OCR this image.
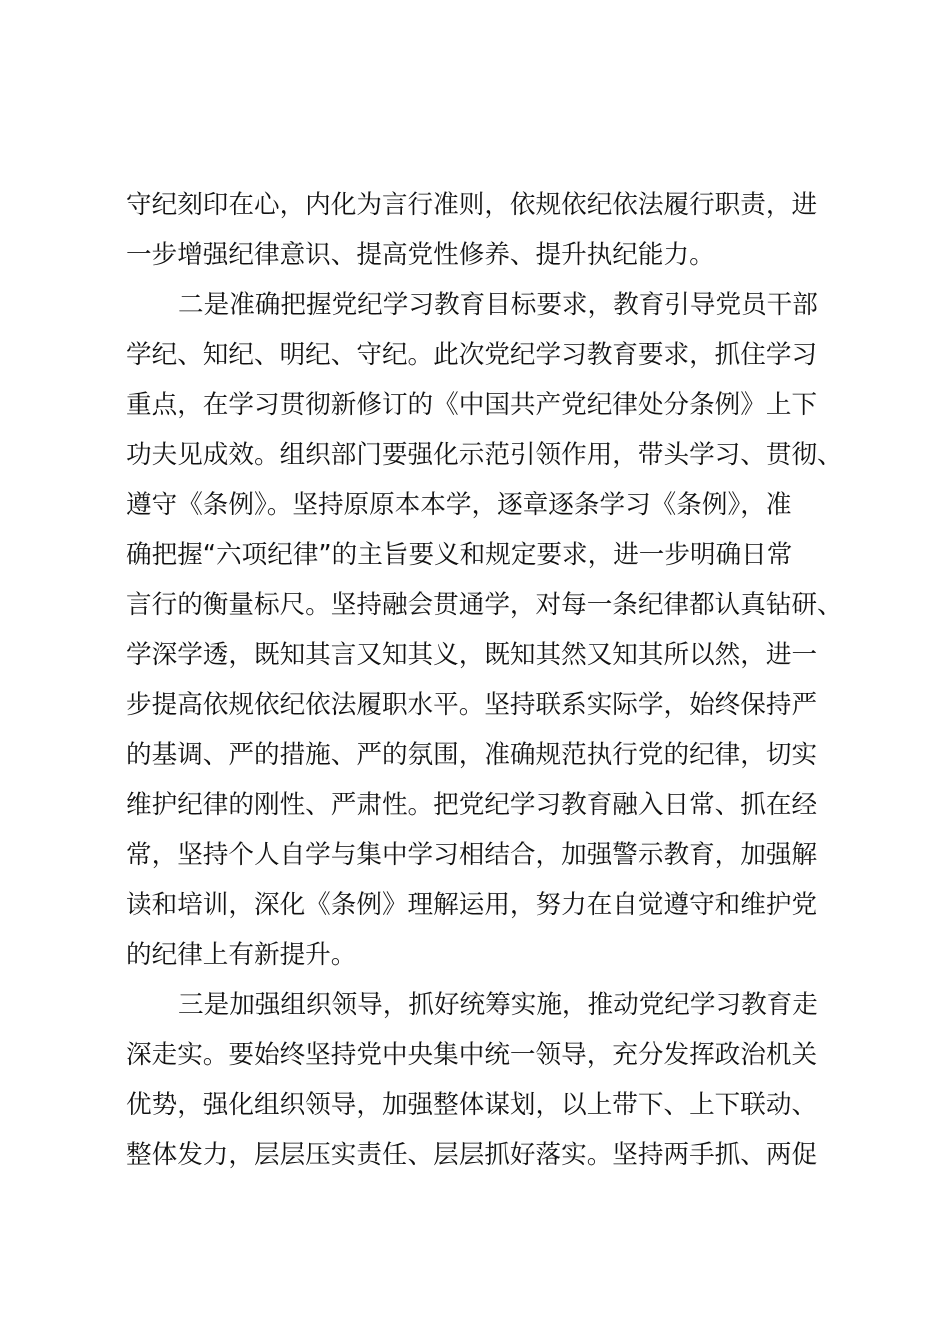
守纪刻印在心，内化为言行准则，依规依纪依法履行职责，进
一步增强纪律意识、提高党性修养、提升执纪能力。
二是准确把握党纪学习教育目标要求，教育引导党员干部
学纪、知纪、明纪、守纪。此次党纪学习教育要求，抓住学习
重点，在学习贯彻新修订的《中国共产党纪律处分条例》上下
功夫见成效。组织部门要强化示范引领作用，带头学习、贯彻、
遵守《条例》。坚持原原本本学，逐章逐条学习《条例》，准
确把握“六项纪律”的主旨要义和规定要求，进一步明确日常
言行的衡量标尺。坚持融会贯通学，对每一条纪律都认真钻研、
学深学透，既知其言又知其义，既知其然又知其所以然，进一
步提高依规依纪依法履职水平。坚持联系实际学，始终保持严
的基调、严的措施、严的氛围，准确规范执行党的纪律，切实
维护纪律的刚性、严肃性。把党纪学习教育融入日常、抓在经
常，坚持个人自学与集中学习相结合，加强警示教育，加强解
读和培训，深化《条例》理解运用，努力在自觉遵守和维护党
的纪律上有新提升。
三是加强组织领导，抓好统筹实施，推动党纪学习教育走
深走实。要始终坚持党中央集中统一领导，充分发挥政治机关
优势，强化组织领导，加强整体谋划，以上带下、上下联动、
整体发力，层层压实责任、层层抓好落实。坚持两手抓、两促
